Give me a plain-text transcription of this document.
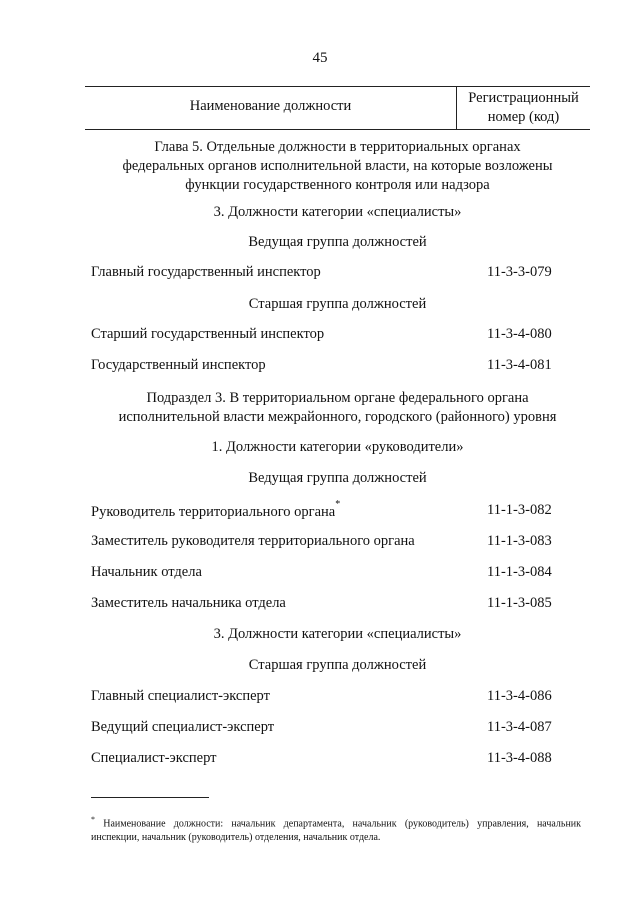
45
Наименование должности	Регистрационный
номер (код)
Глава 5. Отдельные должности в территориальных органах
федеральных органов исполнительной власти, на которые возложены
функции государственного контроля или надзора
3. Должности категории «специалисты»
Ведущая группа должностей
Главный государственный инспектор	11-3-3-079
Старшая группа должностей
Старший государственный инспектор	11-3-4-080
Государственный инспектор	11-3-4-081
Подраздел 3. В территориальном органе федерального органа
исполнительной власти межрайонного, городского (районного) уровня
1. Должности категории «руководители»
Ведущая группа должностей
Руководитель территориального органа*	11-1-3-082
Заместитель руководителя территориального органа	11-1-3-083
Начальник отдела	11-1-3-084
Заместитель начальника отдела	11-1-3-085
3. Должности категории «специалисты»
Старшая группа должностей
Главный специалист-эксперт	11-3-4-086
Ведущий специалист-эксперт	11-3-4-087
Специалист-эксперт	11-3-4-088
* Наименование должности: начальник департамента, начальник (руководитель) управления, начальник инспекции, начальник (руководитель) отделения, начальник отдела.
